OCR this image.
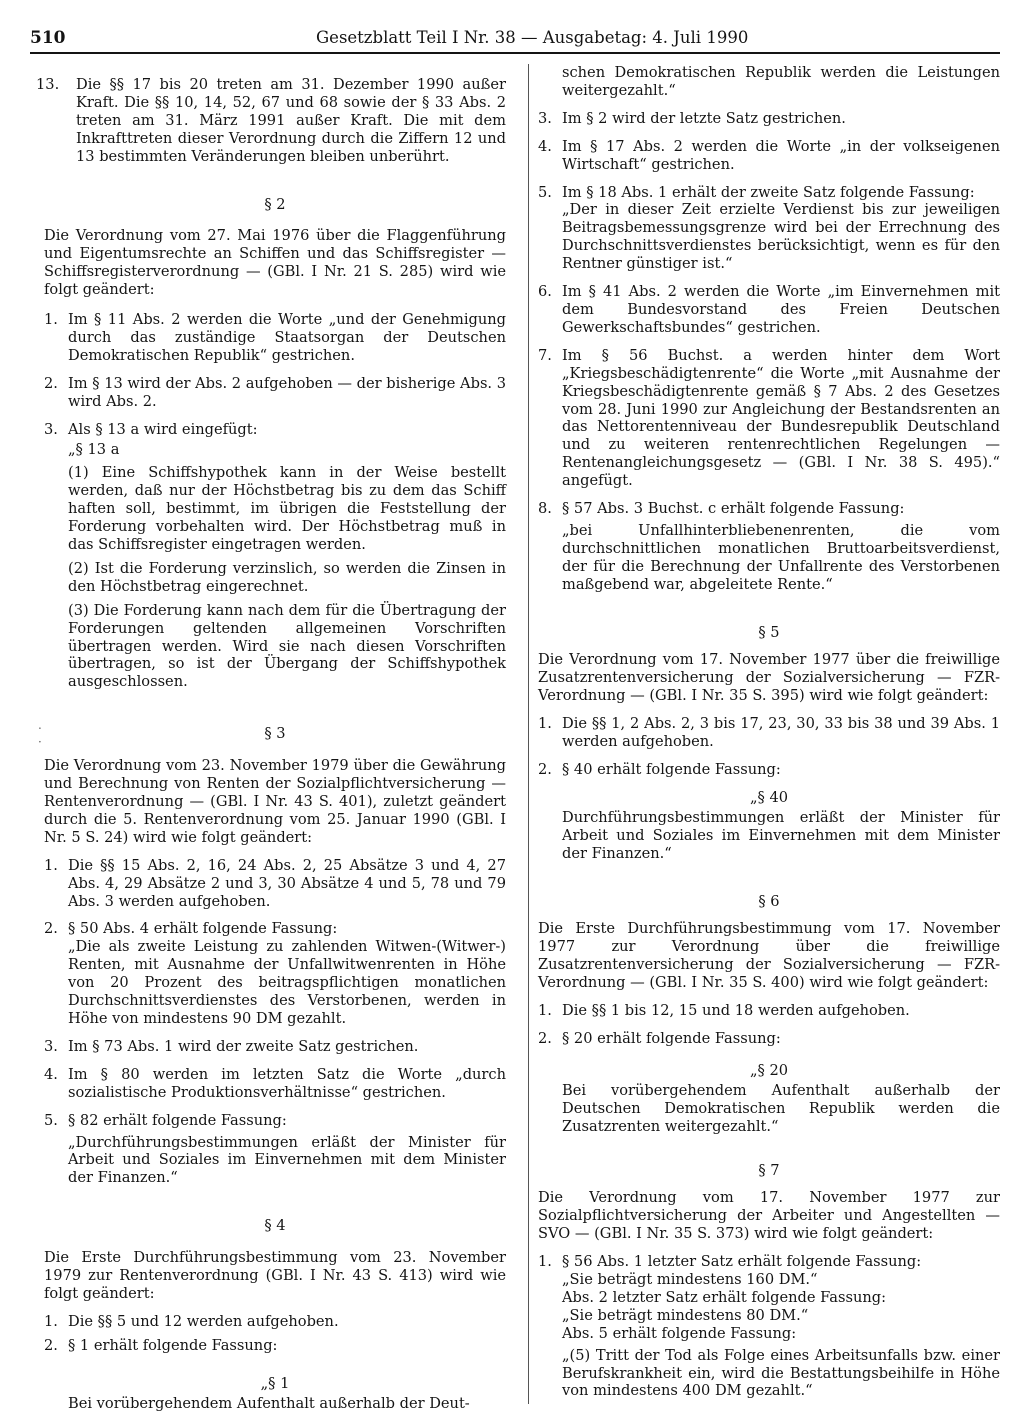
510	Gesetzblatt Teil I Nr. 38 — Ausgabetag: 4. Juli 1990
.
·
13.	Die §§ 17 bis 20 treten am 31. Dezember 1990 außer Kraft. Die §§ 10, 14, 52, 67 und 68 sowie der § 33 Abs. 2 treten am 31. März 1991 außer Kraft. Die mit dem Inkrafttreten dieser Verordnung durch die Ziffern 12 und 13 bestimmten Veränderungen bleiben unberührt.

§ 2

Die Verordnung vom 27. Mai 1976 über die Flaggenführung und Eigentumsrechte an Schiffen und das Schiffsregister — Schiffsregisterverordnung — (GBl. I Nr. 21 S. 285) wird wie folgt geändert:

1. Im § 11 Abs. 2 werden die Worte „und der Genehmigung durch das zuständige Staatsorgan der Deutschen Demokratischen Republik“ gestrichen.
2. Im § 13 wird der Abs. 2 aufgehoben — der bisherige Abs. 3 wird Abs. 2.
3. Als § 13 a wird eingefügt:

„§ 13 a

(1) Eine Schiffshypothek kann in der Weise bestellt werden, daß nur der Höchstbetrag bis zu dem das Schiff haften soll, bestimmt, im übrigen die Feststellung der Forderung vorbehalten wird. Der Höchstbetrag muß in das Schiffsregister eingetragen werden.

(2) Ist die Forderung verzinslich, so werden die Zinsen in den Höchstbetrag eingerechnet.

(3) Die Forderung kann nach dem für die Übertragung der Forderungen geltenden allgemeinen Vorschriften übertragen werden. Wird sie nach diesen Vorschriften übertragen, so ist der Übergang der Schiffshypothek ausgeschlossen.

§ 3

Die Verordnung vom 23. November 1979 über die Gewährung und Berechnung von Renten der Sozialpflichtversicherung — Rentenverordnung — (GBl. I Nr. 43 S. 401), zuletzt geändert durch die 5. Rentenverordnung vom 25. Januar 1990 (GBl. I Nr. 5 S. 24) wird wie folgt geändert:

1. Die §§ 15 Abs. 2, 16, 24 Abs. 2, 25 Absätze 3 und 4, 27 Abs. 4, 29 Absätze 2 und 3, 30 Absätze 4 und 5, 78 und 79 Abs. 3 werden aufgehoben.
2. § 50 Abs. 4 erhält folgende Fassung:

„Die als zweite Leistung zu zahlenden Witwen-(Witwer-) Renten, mit Ausnahme der Unfallwitwenrenten in Höhe von 20 Prozent des beitragspflichtigen monatlichen Durchschnittsverdienstes des Verstorbenen, werden in Höhe von mindestens 90 DM gezahlt.

3. Im § 73 Abs. 1 wird der zweite Satz gestrichen.
4. Im § 80 werden im letzten Satz die Worte „durch sozialistische Produktionsverhältnisse“ gestrichen.
5. § 82 erhält folgende Fassung:

„Durchführungsbestimmungen erläßt der Minister für Arbeit und Soziales im Einvernehmen mit dem Minister der Finanzen.“

§ 4

Die Erste Durchführungsbestimmung vom 23. November 1979 zur Rentenverordnung (GBl. I Nr. 43 S. 413) wird wie folgt geändert:

1. Die §§ 5 und 12 werden aufgehoben.
2. § 1 erhält folgende Fassung:

„§ 1

Bei vorübergehendem Aufenthalt außerhalb der Deut-

schen Demokratischen Republik werden die Leistungen weitergezahlt.“

3. Im § 2 wird der letzte Satz gestrichen.
4. Im § 17 Abs. 2 werden die Worte „in der volkseigenen Wirtschaft“ gestrichen.
5. Im § 18 Abs. 1 erhält der zweite Satz folgende Fassung:

„Der in dieser Zeit erzielte Verdienst bis zur jeweiligen Beitragsbemessungsgrenze wird bei der Errechnung des Durchschnittsverdienstes berücksichtigt, wenn es für den Rentner günstiger ist.“

6. Im § 41 Abs. 2 werden die Worte „im Einvernehmen mit dem Bundesvorstand des Freien Deutschen Gewerkschaftsbundes“ gestrichen.
7. Im § 56 Buchst. a werden hinter dem Wort „Kriegsbeschädigtenrente“ die Worte „mit Ausnahme der Kriegsbeschädigtenrente gemäß § 7 Abs. 2 des Gesetzes vom 28. Juni 1990 zur Angleichung der Bestandsrenten an das Nettorentenniveau der Bundesrepublik Deutschland und zu weiteren rentenrechtlichen Regelungen — Rentenangleichungsgesetz — (GBl. I Nr. 38 S. 495).“ angefügt.
8. § 57 Abs. 3 Buchst. c erhält folgende Fassung:

„bei Unfallhinterbliebenenrenten, die vom durchschnittlichen monatlichen Bruttoarbeitsverdienst, der für die Berechnung der Unfallrente des Verstorbenen maßgebend war, abgeleitete Rente.“

§ 5

Die Verordnung vom 17. November 1977 über die freiwillige Zusatzrentenversicherung der Sozialversicherung — FZR-Verordnung — (GBl. I Nr. 35 S. 395) wird wie folgt geändert:

1. Die §§ 1, 2 Abs. 2, 3 bis 17, 23, 30, 33 bis 38 und 39 Abs. 1 werden aufgehoben.
2. § 40 erhält folgende Fassung:

„§ 40

Durchführungsbestimmungen erläßt der Minister für Arbeit und Soziales im Einvernehmen mit dem Minister der Finanzen.“

§ 6

Die Erste Durchführungsbestimmung vom 17. November 1977 zur Verordnung über die freiwillige Zusatzrentenversicherung der Sozialversicherung — FZR-Verordnung — (GBl. I Nr. 35 S. 400) wird wie folgt geändert:

1. Die §§ 1 bis 12, 15 und 18 werden aufgehoben.
2. § 20 erhält folgende Fassung:

„§ 20

Bei vorübergehendem Aufenthalt außerhalb der Deutschen Demokratischen Republik werden die Zusatzrenten weitergezahlt.“

§ 7

Die Verordnung vom 17. November 1977 zur Sozialpflichtversicherung der Arbeiter und Angestellten — SVO — (GBl. I Nr. 35 S. 373) wird wie folgt geändert:

1. § 56 Abs. 1 letzter Satz erhält folgende Fassung:

„Sie beträgt mindestens 160 DM.“

Abs. 2 letzter Satz erhält folgende Fassung:

„Sie beträgt mindestens 80 DM.“

Abs. 5 erhält folgende Fassung:

„(5) Tritt der Tod als Folge eines Arbeitsunfalls bzw. einer Berufskrankheit ein, wird die Bestattungsbeihilfe in Höhe von mindestens 400 DM gezahlt.“
